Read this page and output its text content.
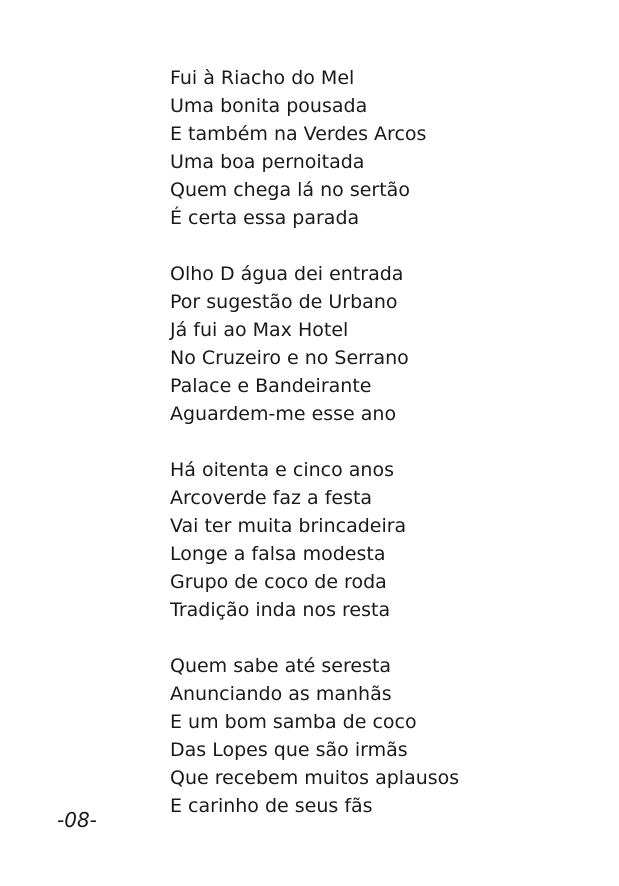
Fui à Riacho do Mel
Uma bonita pousada
E também na Verdes Arcos
Uma boa pernoitada
Quem chega lá no sertão
É certa essa parada
Olho D água dei entrada
Por sugestão de Urbano
Já fui ao Max Hotel
No Cruzeiro e no Serrano
Palace e Bandeirante
Aguardem-me esse ano
Há oitenta e cinco anos
Arcoverde faz a festa
Vai ter muita brincadeira
Longe a falsa modesta
Grupo de coco de roda
Tradição inda nos resta
Quem sabe até seresta
Anunciando as manhãs
E um bom samba de coco
Das Lopes que são irmãs
Que recebem muitos aplausos
E carinho de seus fãs
-08-
